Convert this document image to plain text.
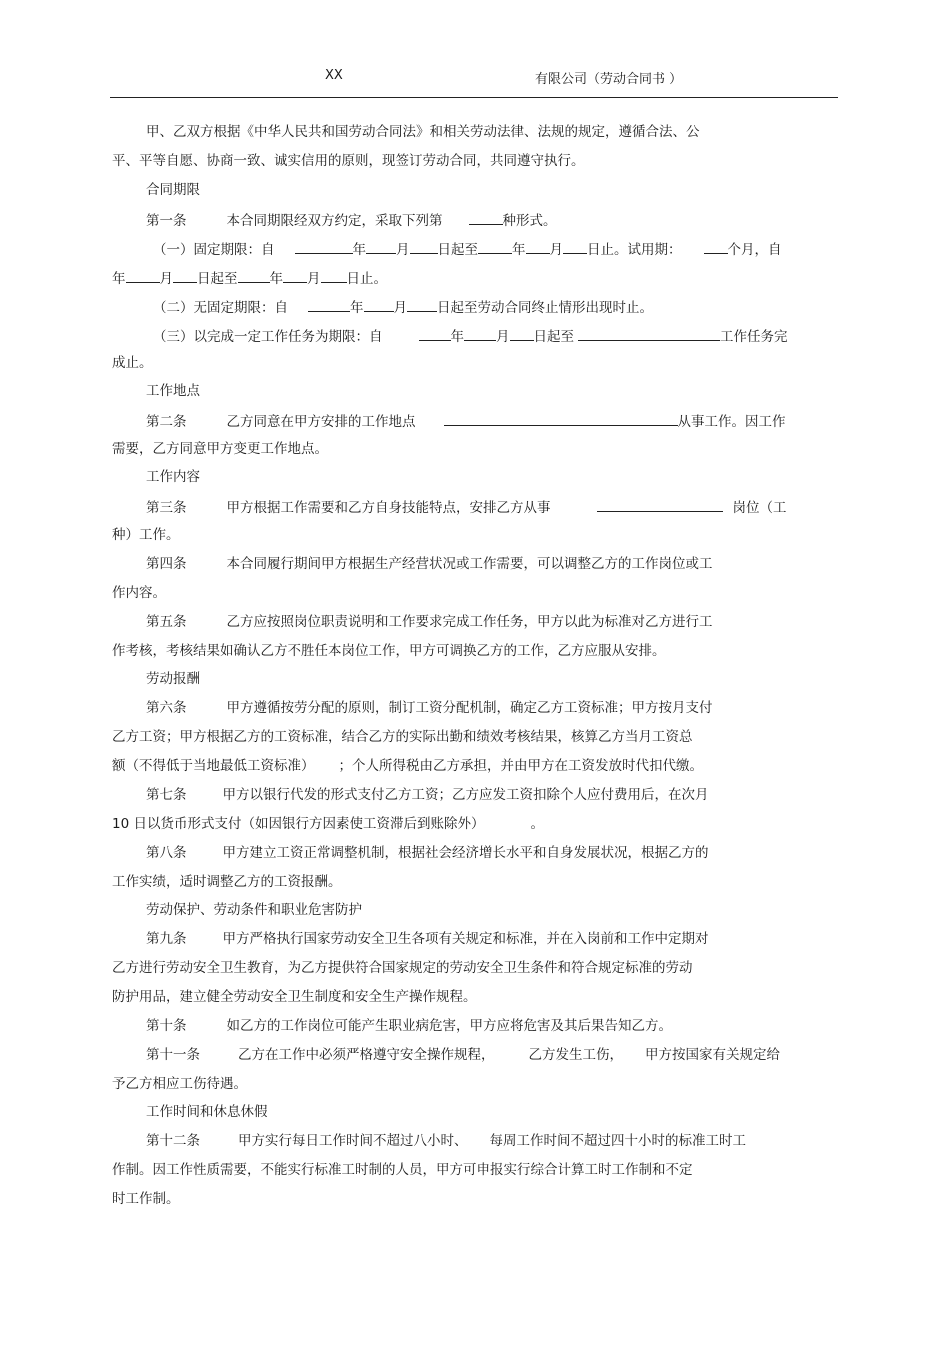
XX	有限公司（劳动合同书 ）
甲、乙双方根据《中华人民共和国劳动合同法》和相关劳动法律、法规的规定，遵循合法、公
平、平等自愿、协商一致、诚实信用的原则，现签订劳动合同，共同遵守执行。
合同期限
第一条	本合同期限经双方约定，采取下列第	种形式。
（一）固定期限：自	年 月 日起至	年 月 日止。试用期：	个月，自
年	月 日起至 年 月 日止。
（二）无固定期限：自	年 月 日起至劳动合同终止情形出现时止。
（三）以完成一定工作任务为期限：自	年 月 日起至	工作任务完
成止。
工作地点
第二条	乙方同意在甲方安排的工作地点	从事工作。因工作
需要，乙方同意甲方变更工作地点。
工作内容
第三条	甲方根据工作需要和乙方自身技能特点，安排乙方从事	岗位（工
种）工作。
第四条	本合同履行期间甲方根据生产经营状况或工作需要，可以调整乙方的工作岗位或工
作内容。
第五条	乙方应按照岗位职责说明和工作要求完成工作任务，甲方以此为标准对乙方进行工
作考核，考核结果如确认乙方不胜任本岗位工作，甲方可调换乙方的工作，乙方应服从安排。
劳动报酬
第六条	甲方遵循按劳分配的原则，制订工资分配机制，确定乙方工资标准；甲方按月支付
乙方工资；甲方根据乙方的工资标准，结合乙方的实际出勤和绩效考核结果，核算乙方当月工资总
额（不得低于当地最低工资标准） ；个人所得税由乙方承担，并由甲方在工资发放时代扣代缴。
第七条	甲方以银行代发的形式支付乙方工资；乙方应发工资扣除个人应付费用后，在次月
10 日以货币形式支付（如因银行方因素使工资滞后到账除外）	。
第八条	甲方建立工资正常调整机制，根据社会经济增长水平和自身发展状况，根据乙方的
工作实绩，适时调整乙方的工资报酬。
劳动保护、劳动条件和职业危害防护
第九条	甲方严格执行国家劳动安全卫生各项有关规定和标准，并在入岗前和工作中定期对
乙方进行劳动安全卫生教育，为乙方提供符合国家规定的劳动安全卫生条件和符合规定标准的劳动
防护用品，建立健全劳动安全卫生制度和安全生产操作规程。
第十条	如乙方的工作岗位可能产生职业病危害，甲方应将危害及其后果告知乙方。
第十一条	乙方在工作中必须严格遵守安全操作规程，	乙方发生工伤， 甲方按国家有关规定给
予乙方相应工伤待遇。
工作时间和休息休假
第十二条	甲方实行每日工作时间不超过八小时、 每周工作时间不超过四十小时的标准工时工
作制。因工作性质需要，不能实行标准工时制的人员，甲方可申报实行综合计算工时工作制和不定
时工作制。
